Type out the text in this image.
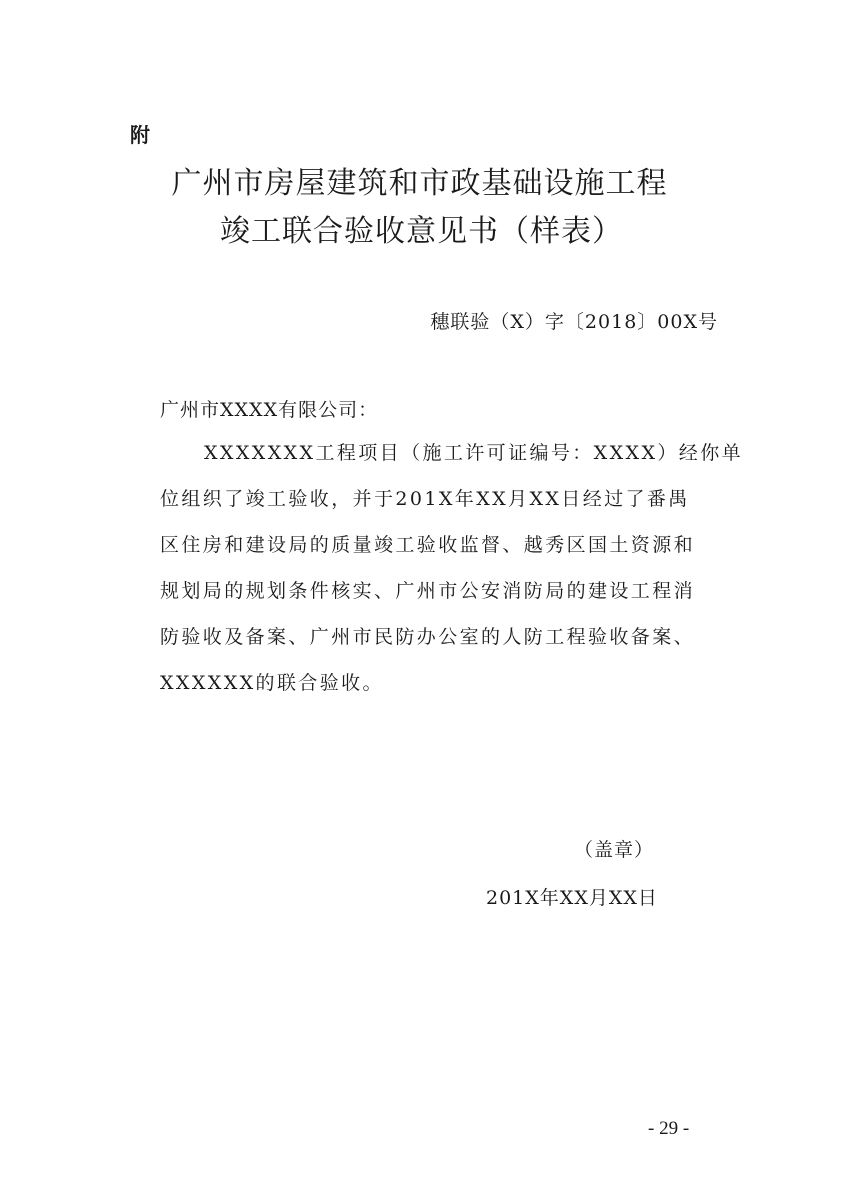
附
广州市房屋建筑和市政基础设施工程
竣工联合验收意见书（样表）
穗联验（X）字〔2018〕00X号
广州市XXXX有限公司：
XXXXXXX工程项目（施工许可证编号：XXXX）经你单
位组织了竣工验收，并于201X年XX月XX日经过了番禺
区住房和建设局的质量竣工验收监督、越秀区国土资源和
规划局的规划条件核实、广州市公安消防局的建设工程消
防验收及备案、广州市民防办公室的人防工程验收备案、
XXXXXX的联合验收。
（盖章）
201X年XX月XX日
- 29 -
